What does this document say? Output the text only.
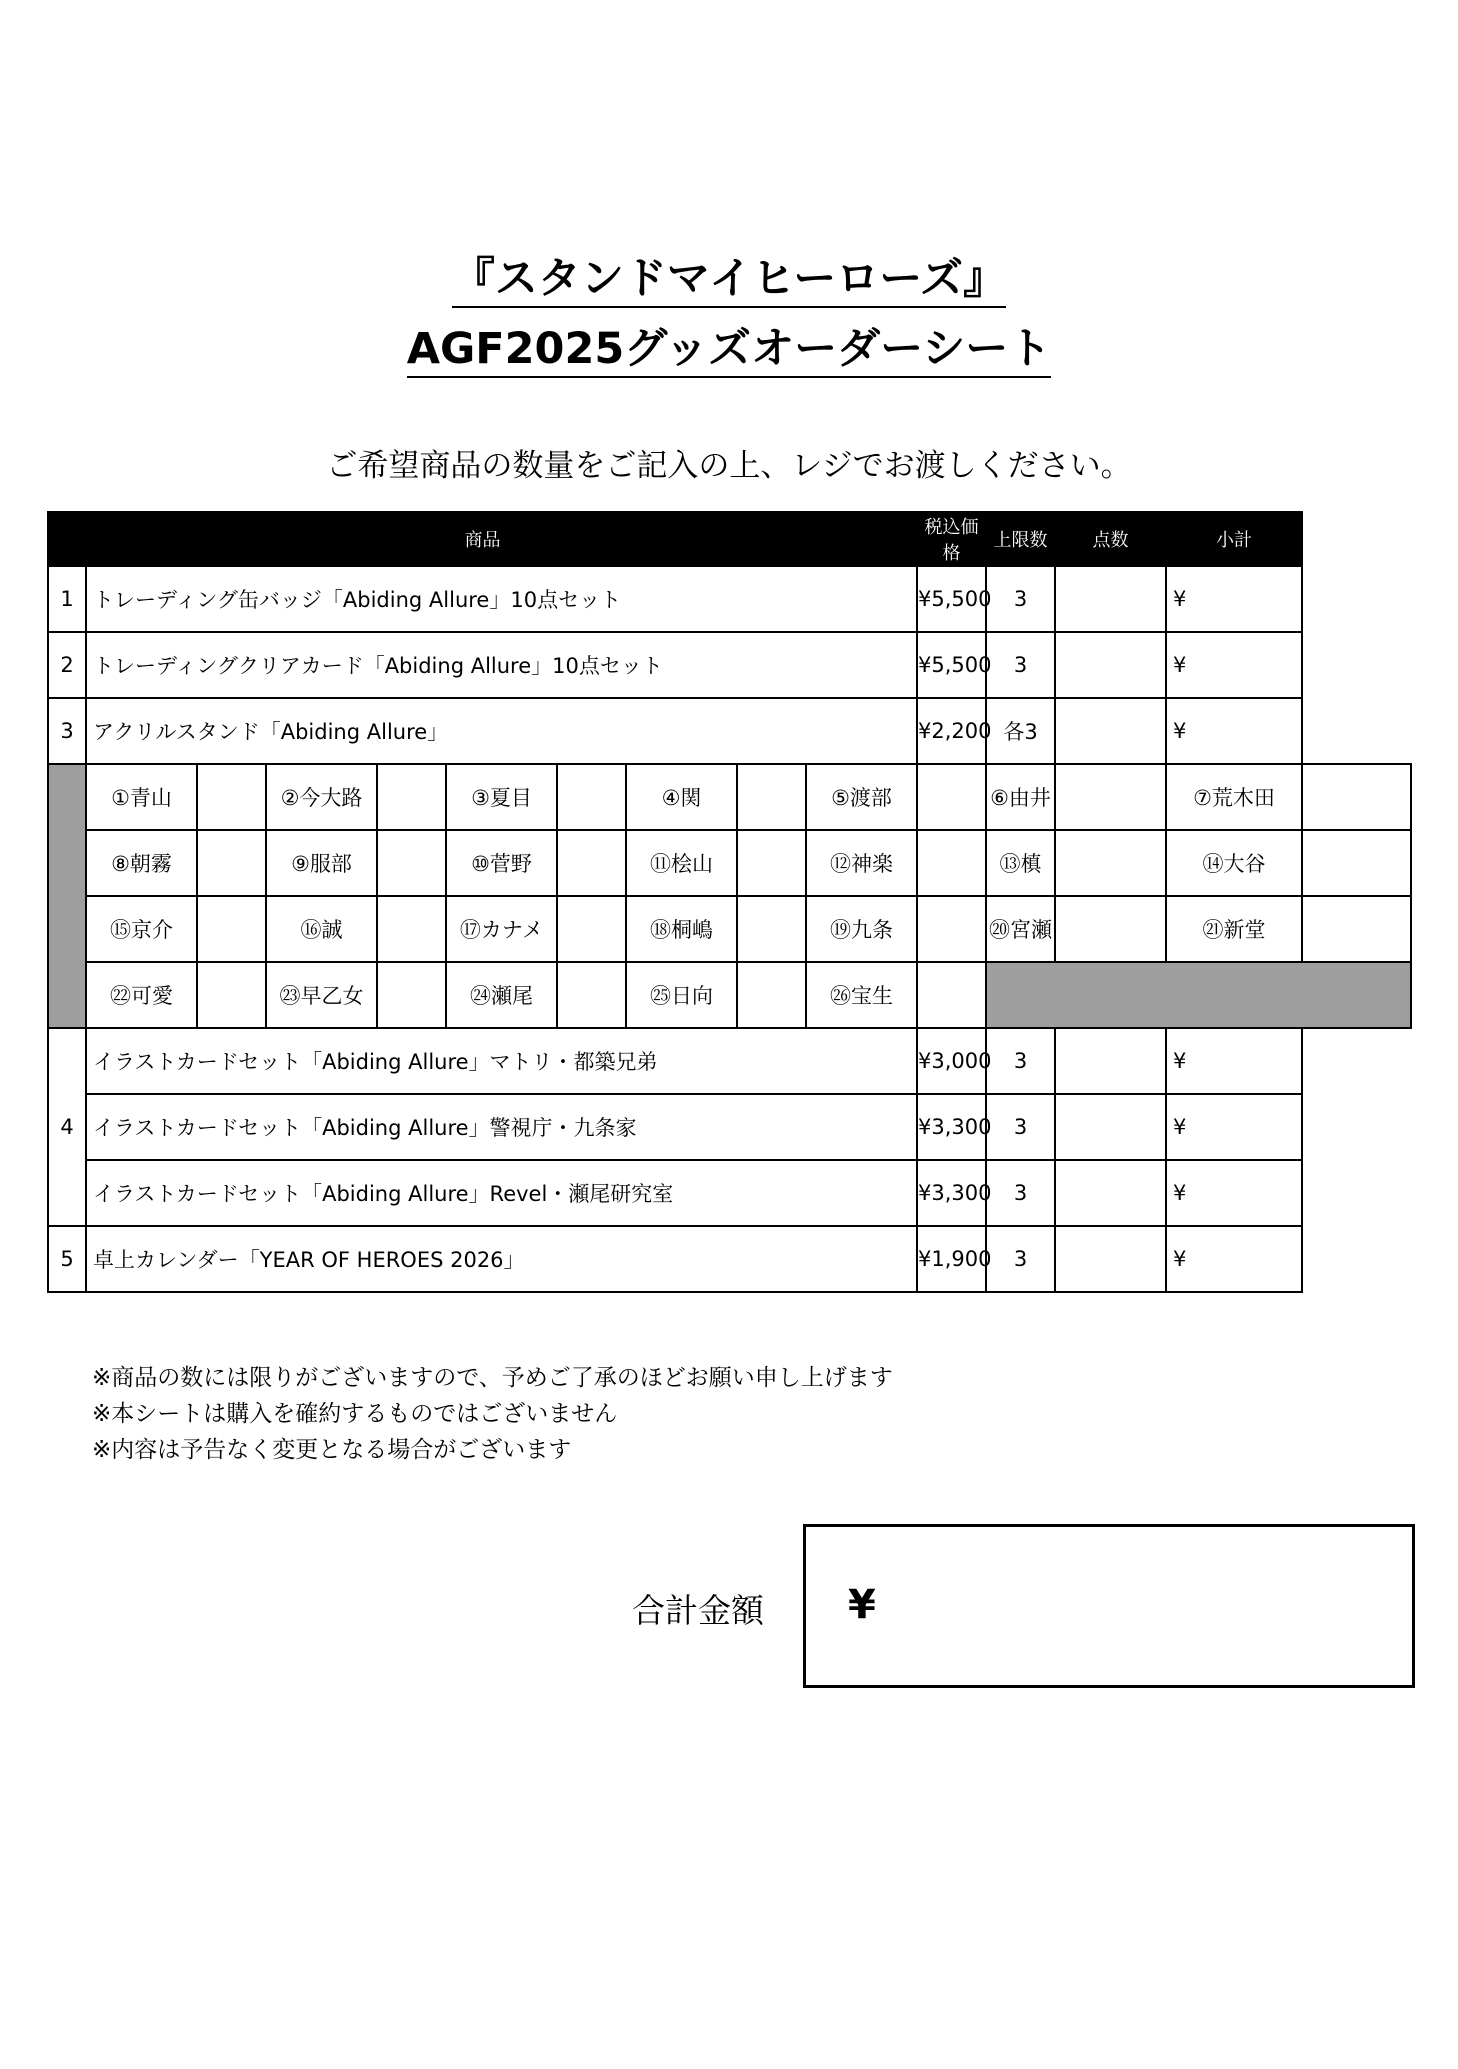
『スタンドマイヒーローズ』
AGF2025グッズオーダーシート
ご希望商品の数量をご記入の上、レジでお渡しください。
商品										税込価格	上限数	点数	小計	
1	トレーディング缶バッジ「Abiding Allure」10点セット									¥5,500	3		¥	
2	トレーディングクリアカード「Abiding Allure」10点セット									¥5,500	3		¥	
3	アクリルスタンド「Abiding Allure」									¥2,200	各3		¥	
	①青山		②今大路		③夏目		④関		⑤渡部		⑥由井		⑦荒木田	
	⑧朝霧		⑨服部		⑩菅野		⑪桧山		⑫神楽		⑬槙		⑭大谷	
	⑮京介		⑯誠		⑰カナメ		⑱桐嶋		⑲九条		⑳宮瀬		㉑新堂	
	㉒可愛		㉓早乙女		㉔瀬尾		㉕日向		㉖宝生					
4	イラストカードセット「Abiding Allure」マトリ・都築兄弟									¥3,000	3		¥	
	イラストカードセット「Abiding Allure」警視庁・九条家									¥3,300	3		¥	
	イラストカードセット「Abiding Allure」Revel・瀬尾研究室									¥3,300	3		¥	
5	卓上カレンダー「YEAR OF HEROES 2026」									¥1,900	3		¥	
※商品の数には限りがございますので、予めご了承のほどお願い申し上げます
※本シートは購入を確約するものではございません
※内容は予告なく変更となる場合がございます
合計金額 ¥
